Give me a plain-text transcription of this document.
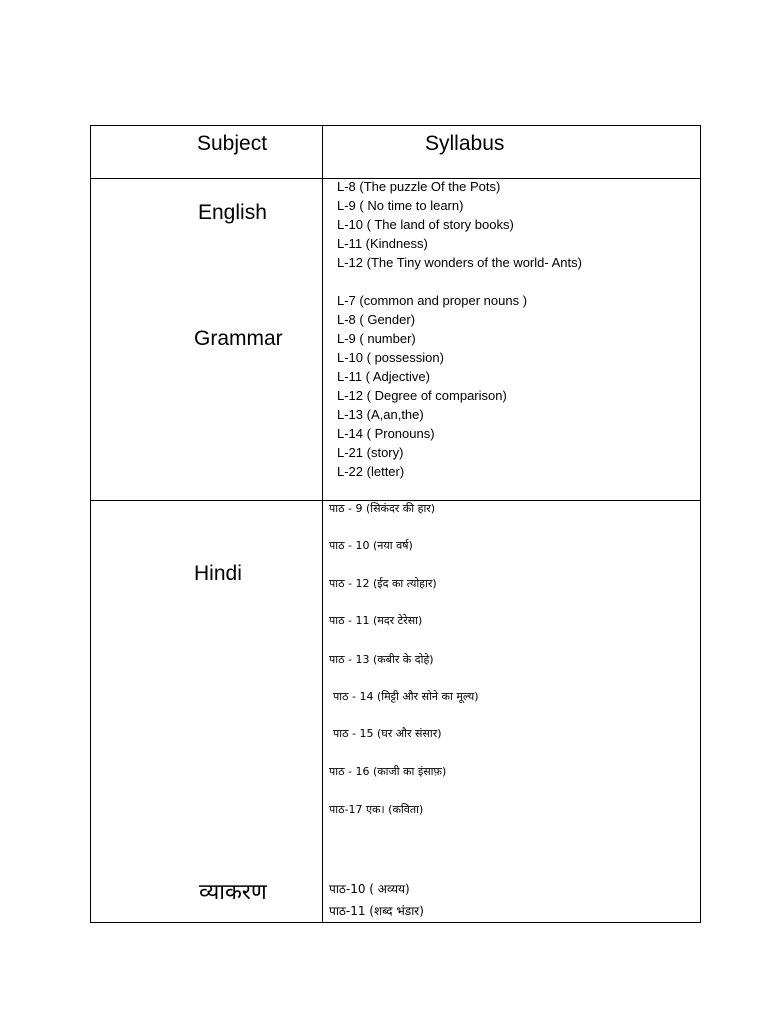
Subject	Syllabus
English
Grammar
Hindi
व्याकरण
L-8 (The puzzle Of the Pots)
L-9 ( No time to learn)
L-10 ( The land of story books)
L-11 (Kindness)
L-12 (The Tiny wonders of the world- Ants)
L-7 (common and proper nouns )
L-8 ( Gender)
L-9 ( number)
L-10 ( possession)
L-11 ( Adjective)
L-12 ( Degree of comparison)
L-13 (A,an,the)
L-14 ( Pronouns)
L-21 (story)
L-22 (letter)
पाठ - 9 (सिकंदर की हार)
पाठ - 10 (नया वर्ष)
पाठ - 12 (ईद का त्योहार)
पाठ - 11 (मदर टेरेसा)
पाठ - 13 (कबीर के दोहे)
पाठ - 14 (मिट्टी और सोने का मूल्य)
पाठ - 15 (घर और संसार)
पाठ - 16 (काजी का इंसाफ़)
पाठ-17 एक। (कविता)
पाठ-10 ( अव्यय)
पाठ-11 (शब्द भंडार)
